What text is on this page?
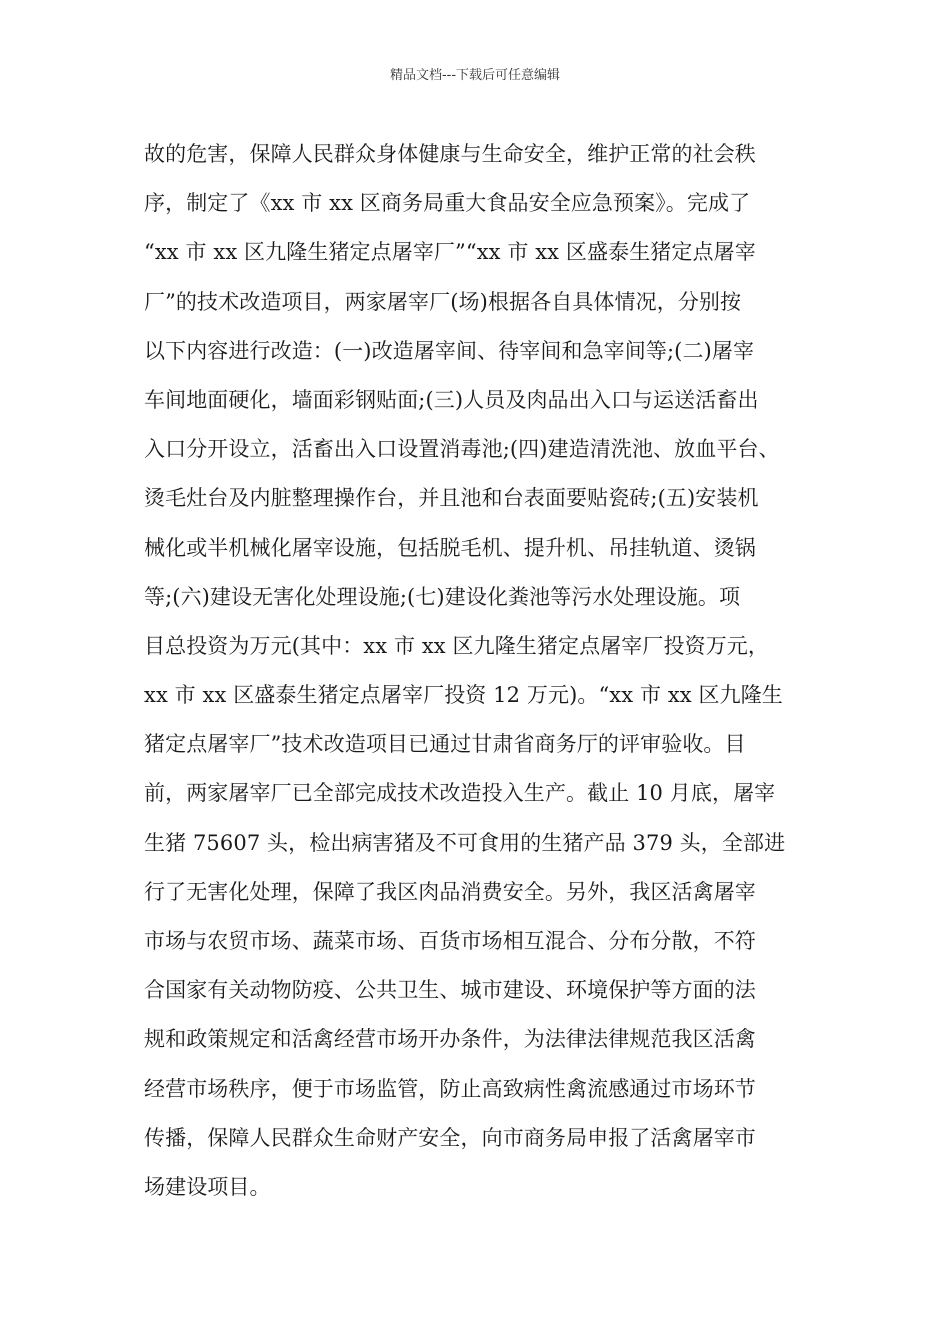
精品文档---下载后可任意编辑
故的危害，保障人民群众身体健康与生命安全，维护正常的社会秩
序，制定了《xx 市 xx 区商务局重大食品安全应急预案》。完成了
“xx 市 xx 区九隆生猪定点屠宰厂”“xx 市 xx 区盛泰生猪定点屠宰
厂”的技术改造项目，两家屠宰厂(场)根据各自具体情况，分别按
以下内容进行改造：(一)改造屠宰间、待宰间和急宰间等;(二)屠宰
车间地面硬化，墙面彩钢贴面;(三)人员及肉品出入口与运送活畜出
入口分开设立，活畜出入口设置消毒池;(四)建造清洗池、放血平台、
烫毛灶台及内脏整理操作台，并且池和台表面要贴瓷砖;(五)安装机
械化或半机械化屠宰设施，包括脱毛机、提升机、吊挂轨道、烫锅
等;(六)建设无害化处理设施;(七)建设化粪池等污水处理设施。项
目总投资为万元(其中：xx 市 xx 区九隆生猪定点屠宰厂投资万元，
xx 市 xx 区盛泰生猪定点屠宰厂投资 12 万元)。“xx 市 xx 区九隆生
猪定点屠宰厂”技术改造项目已通过甘肃省商务厅的评审验收。目
前，两家屠宰厂已全部完成技术改造投入生产。截止 10 月底，屠宰
生猪 75607 头，检出病害猪及不可食用的生猪产品 379 头，全部进
行了无害化处理，保障了我区肉品消费安全。另外，我区活禽屠宰
市场与农贸市场、蔬菜市场、百货市场相互混合、分布分散，不符
合国家有关动物防疫、公共卫生、城市建设、环境保护等方面的法
规和政策规定和活禽经营市场开办条件，为法律法律规范我区活禽
经营市场秩序，便于市场监管，防止高致病性禽流感通过市场环节
传播，保障人民群众生命财产安全，向市商务局申报了活禽屠宰市
场建设项目。
